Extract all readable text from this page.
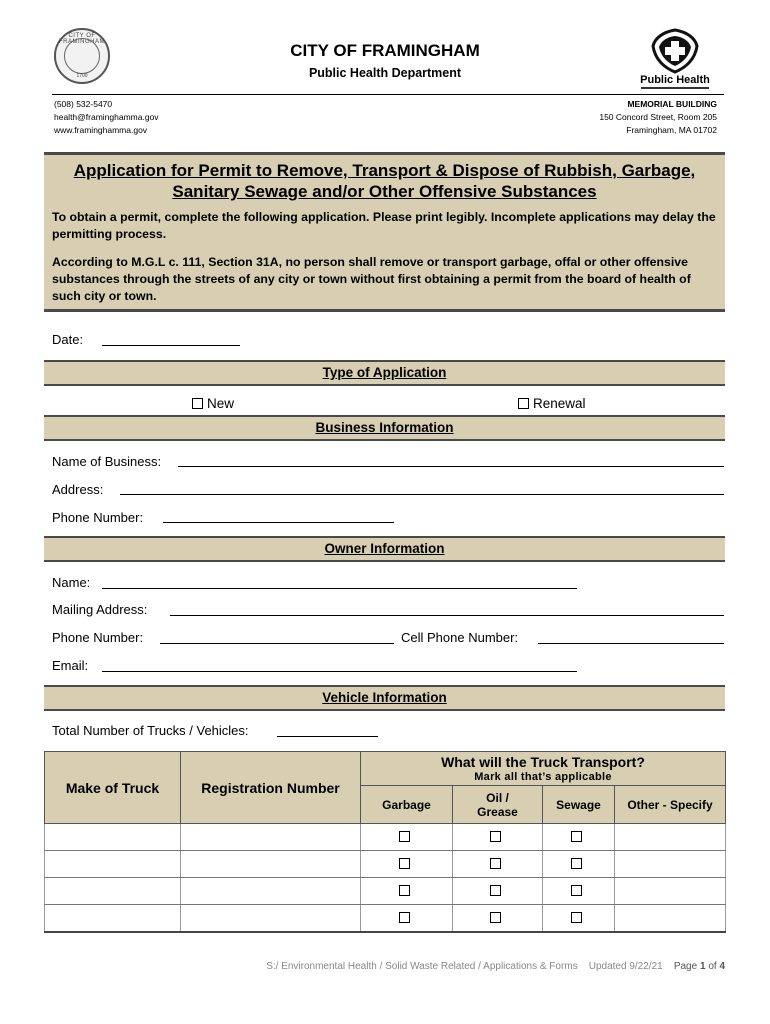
CITY OF FRAMINGHAM
1700
CITY OF FRAMINGHAM
Public Health Department	Public Health
(508) 532-5470
health@framinghamma.gov
www.framinghamma.gov
MEMORIAL BUILDING
150 Concord Street, Room 205
Framingham, MA 01702
Application for Permit to Remove, Transport & Dispose of Rubbish, Garbage,
Sanitary Sewage and/or Other Offensive Substances
To obtain a permit, complete the following application. Please print legibly. Incomplete applications may delay the permitting process.
According to M.G.L c. 111, Section 31A, no person shall remove or transport garbage, offal or other offensive substances through the streets of any city or town without first obtaining a permit from the board of health of such city or town.
Date:
Type of Application
New	Renewal
Business Information
Name of Business:
Address:
Phone Number:
Owner Information
Name:
Mailing Address:
Phone Number:	Cell Phone Number:
Email:
Vehicle Information
Total Number of Trucks / Vehicles:
Make of Truck	Registration Number	What will the Truck Transport?
Mark all that’s applicable			

		Garbage	Oil /
Grease	Sewage	Other - Specify

S:/ Environmental Health / Solid Waste Related / Applications & Forms Updated 9/22/21 Page 1 of 4
